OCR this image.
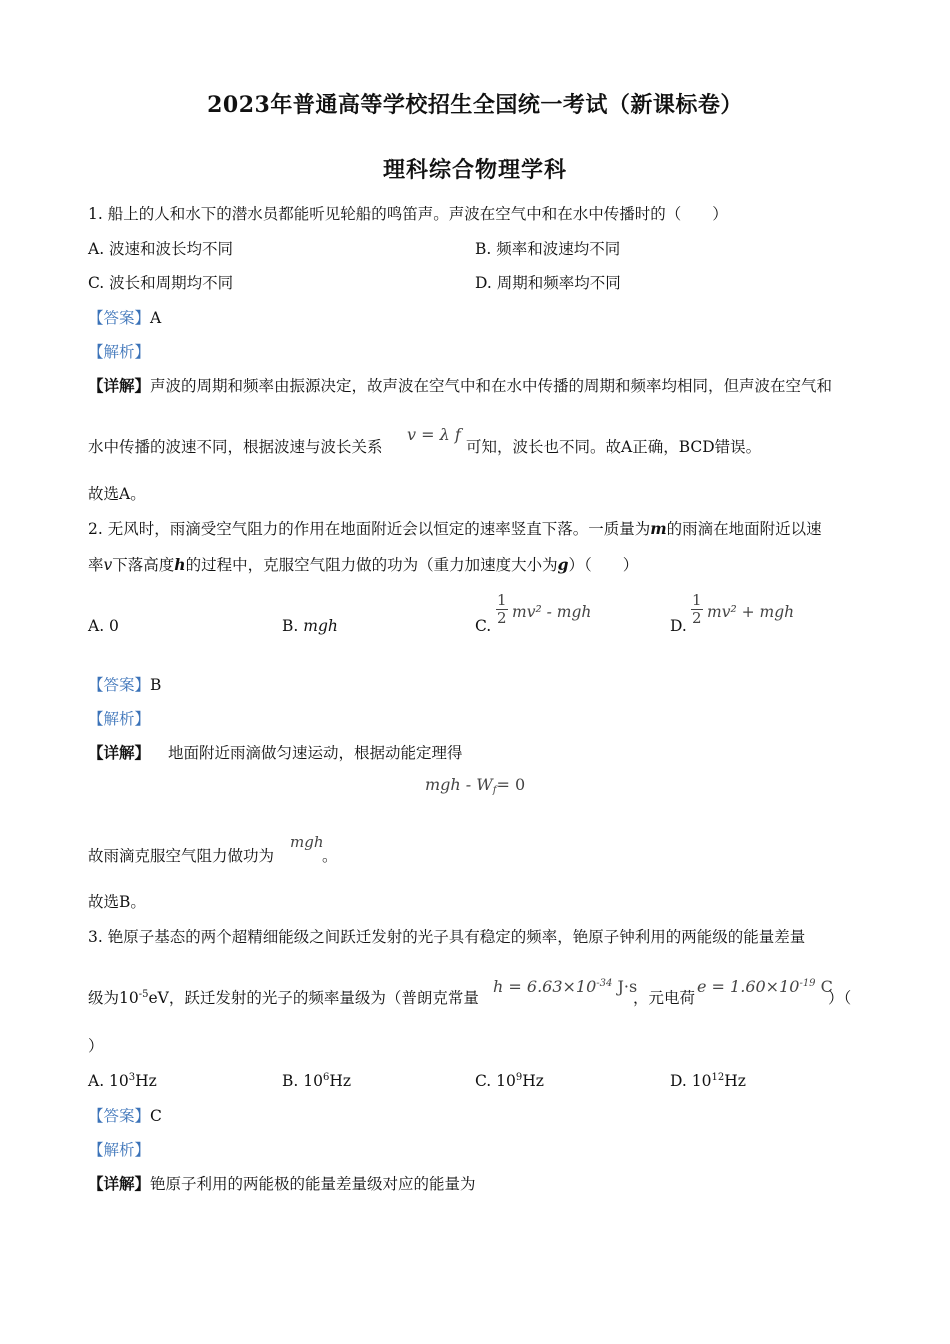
2023年普通高等学校招生全国统一考试（新课标卷）
理科综合物理学科
1. 船上的人和水下的潜水员都能听见轮船的鸣笛声。声波在空气中和在水中传播时的（　　）
A. 波速和波长均不同	B. 频率和波速均不同
C. 波长和周期均不同	D. 周期和频率均不同
【答案】A
【解析】
【详解】声波的周期和频率由振源决定，故声波在空气中和在水中传播的周期和频率均相同，但声波在空气和
水中传播的波速不同，根据波速与波长关系
v = λ f
可知，波长也不同。故A正确，BCD错误。
故选A。
2. 无风时，雨滴受空气阻力的作用在地面附近会以恒定的速率竖直下落。一质量为m的雨滴在地面附近以速
率v下落高度h的过程中，克服空气阻力做的功为（重力加速度大小为g）（　　）
A. 0	B. mgh	C. $\frac{1}{2} mv^2$ - mgh
D. $\frac{1}{2} mv^2$ + mgh
【答案】B
【解析】
【详解】 地面附近雨滴做匀速运动，根据动能定理得
mgh - $W_f= 0$
故雨滴克服空气阻力做功为
mgh
。
故选B。
3. 铯原子基态的两个超精细能级之间跃迁发射的光子具有稳定的频率，铯原子钟利用的两能级的能量差量
级为$10^{-5}eV$，跃迁发射的光子的频率量级为（普朗克常量
$h = 6.63\times 10^{-34}$ J·s
，元电荷
$e = 1.60\times 10^{-19}$ C
）（
）
A. $10^3Hz$	B. $10^6Hz$	C. $10^9Hz$	D. $10^{12}Hz$
【答案】C
【解析】
【详解】铯原子利用的两能极的能量差量级对应的能量为
